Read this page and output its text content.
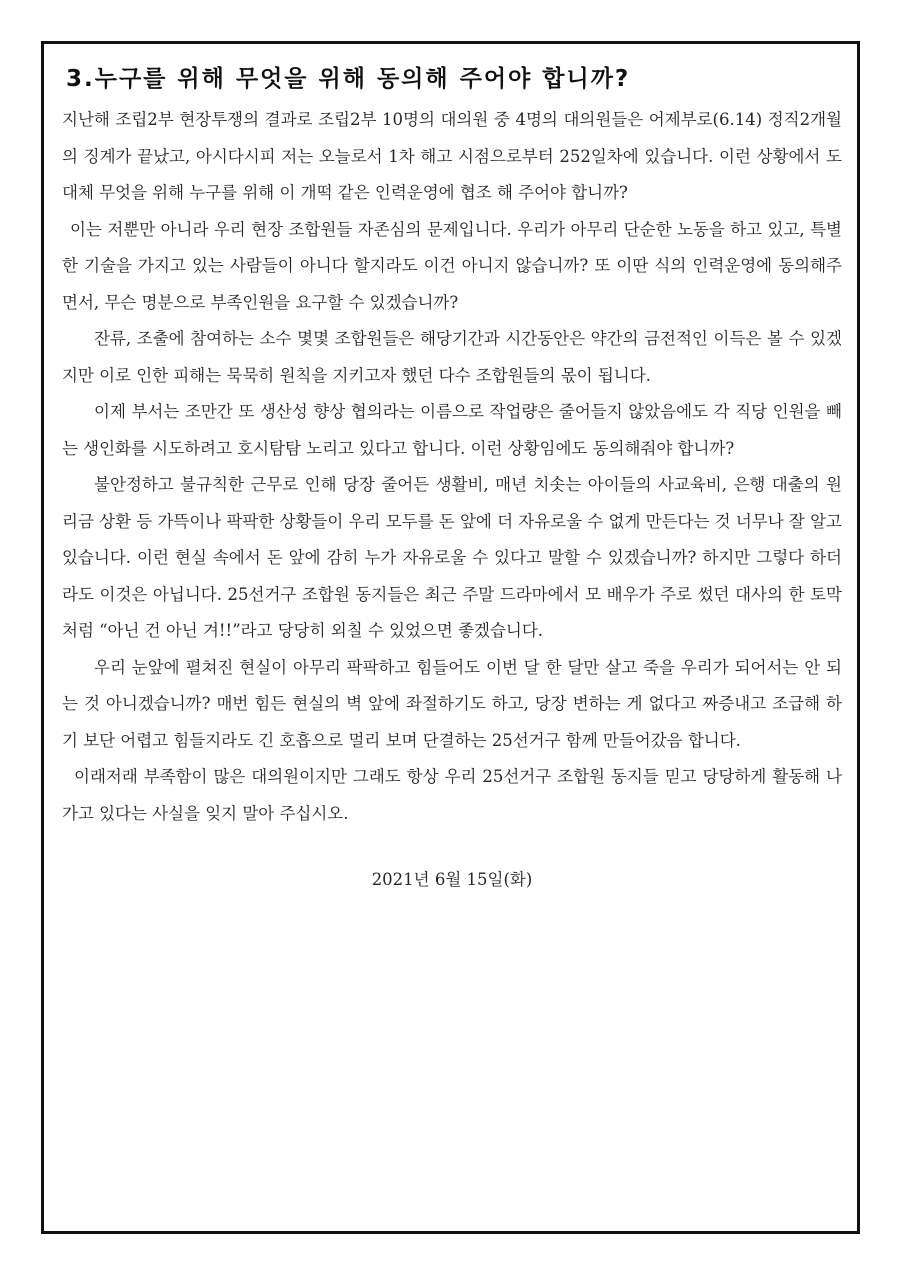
3.누구를 위해 무엇을 위해 동의해 주어야 합니까?

지난해 조립2부 현장투쟁의 결과로 조립2부 10명의 대의원 중 4명의 대의원들은 어제부로(6.14) 정직2개월의 징계가 끝났고, 아시다시피 저는 오늘로서 1차 해고 시점으로부터 252일차에 있습니다. 이런 상황에서 도대체 무엇을 위해 누구를 위해 이 개떡 같은 인력운영에 협조 해 주어야 합니까?

이는 저뿐만 아니라 우리 현장 조합원들 자존심의 문제입니다. 우리가 아무리 단순한 노동을 하고 있고, 특별한 기술을 가지고 있는 사람들이 아니다 할지라도 이건 아니지 않습니까? 또 이딴 식의 인력운영에 동의해주면서, 무슨 명분으로 부족인원을 요구할 수 있겠습니까?

잔류, 조출에 참여하는 소수 몇몇 조합원들은 해당기간과 시간동안은 약간의 금전적인 이득은 볼 수 있겠지만 이로 인한 피해는 묵묵히 원칙을 지키고자 했던 다수 조합원들의 몫이 됩니다.

이제 부서는 조만간 또 생산성 향상 협의라는 이름으로 작업량은 줄어들지 않았음에도 각 직당 인원을 빼는 생인화를 시도하려고 호시탐탐 노리고 있다고 합니다. 이런 상황임에도 동의해줘야 합니까?

불안정하고 불규칙한 근무로 인해 당장 줄어든 생활비, 매년 치솟는 아이들의 사교육비, 은행 대출의 원리금 상환 등 가뜩이나 팍팍한 상황들이 우리 모두를 돈 앞에 더 자유로울 수 없게 만든다는 것 너무나 잘 알고 있습니다. 이런 현실 속에서 돈 앞에 감히 누가 자유로울 수 있다고 말할 수 있겠습니까? 하지만 그렇다 하더라도 이것은 아닙니다. 25선거구 조합원 동지들은 최근 주말 드라마에서 모 배우가 주로 썼던 대사의 한 토막처럼 “아닌 건 아닌 겨!!”라고 당당히 외칠 수 있었으면 좋겠습니다.

우리 눈앞에 펼쳐진 현실이 아무리 팍팍하고 힘들어도 이번 달 한 달만 살고 죽을 우리가 되어서는 안 되는 것 아니겠습니까? 매번 힘든 현실의 벽 앞에 좌절하기도 하고, 당장 변하는 게 없다고 짜증내고 조급해 하기 보단 어렵고 힘들지라도 긴 호흡으로 멀리 보며 단결하는 25선거구 함께 만들어갔음 합니다.

이래저래 부족함이 많은 대의원이지만 그래도 항상 우리 25선거구 조합원 동지들 믿고 당당하게 활동해 나가고 있다는 사실을 잊지 말아 주십시오.

2021년 6월 15일(화)
